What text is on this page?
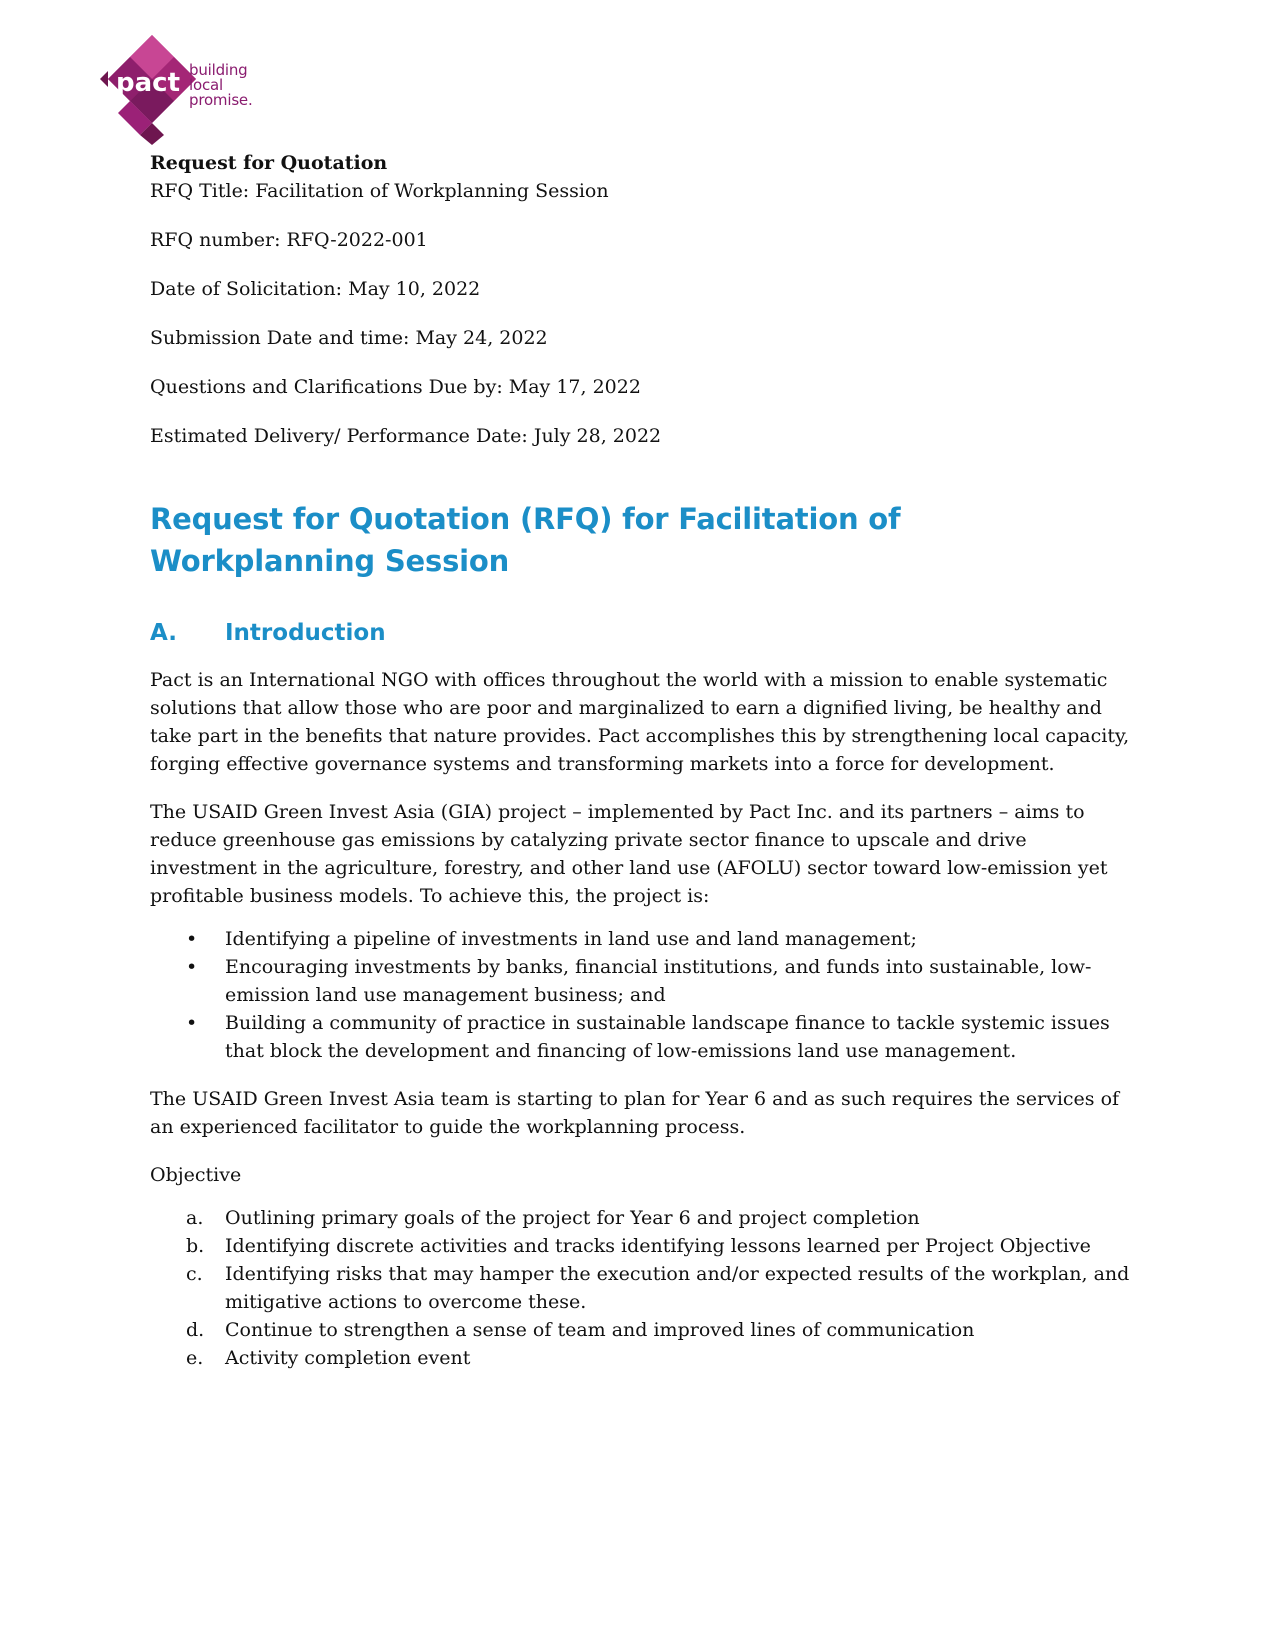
pact building
local
promise.

Request for Quotation

RFQ Title: Facilitation of Workplanning Session

RFQ number: RFQ-2022-001

Date of Solicitation: May 10, 2022

Submission Date and time: May 24, 2022

Questions and Clarifications Due by: May 17, 2022

Estimated Delivery/ Performance Date: July 28, 2022

Request for Quotation (RFQ) for Facilitation of Workplanning Session
A.	Introduction

Pact is an International NGO with offices throughout the world with a mission to enable systematic solutions that allow those who are poor and marginalized to earn a dignified living, be healthy and take part in the benefits that nature provides. Pact accomplishes this by strengthening local capacity, forging effective governance systems and transforming markets into a force for development.

The USAID Green Invest Asia (GIA) project – implemented by Pact Inc. and its partners – aims to reduce greenhouse gas emissions by catalyzing private sector finance to upscale and drive investment in the agriculture, forestry, and other land use (AFOLU) sector toward low-emission yet profitable business models. To achieve this, the project is:

• Identifying a pipeline of investments in land use and land management;
• Encouraging investments by banks, financial institutions, and funds into sustainable, low-emission land use management business; and
• Building a community of practice in sustainable landscape finance to tackle systemic issues that block the development and financing of low-emissions land use management.

The USAID Green Invest Asia team is starting to plan for Year 6 and as such requires the services of an experienced facilitator to guide the workplanning process.

Objective

a. Outlining primary goals of the project for Year 6 and project completion
b. Identifying discrete activities and tracks identifying lessons learned per Project Objective
c. Identifying risks that may hamper the execution and/or expected results of the workplan, and mitigative actions to overcome these.
d. Continue to strengthen a sense of team and improved lines of communication
e. Activity completion event
